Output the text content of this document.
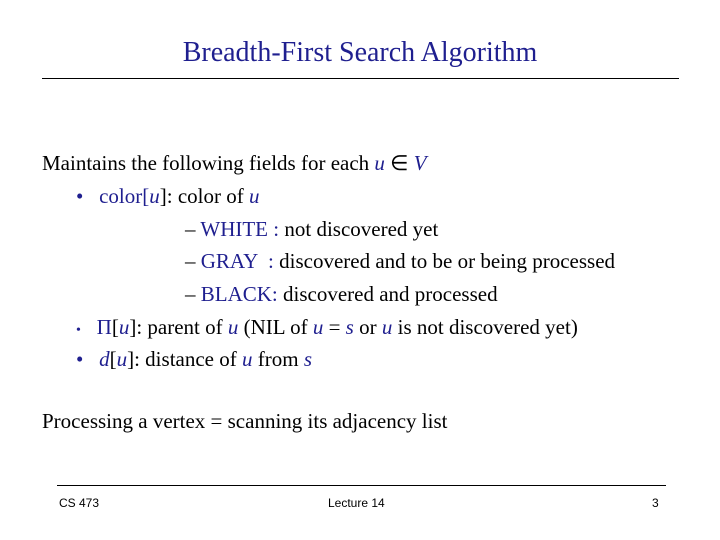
Breadth-First Search Algorithm
Maintains the following fields for each u ∈ V
• color[u]: color of u
– WHITE : not discovered yet
– GRAY  : discovered and to be or being processed
– BLACK: discovered and processed
• Π[u]: parent of u (NIL of u = s or u is not discovered yet)
• d[u]: distance of u from s
Processing a vertex = scanning its adjacency list
CS 473	Lecture 14	3
